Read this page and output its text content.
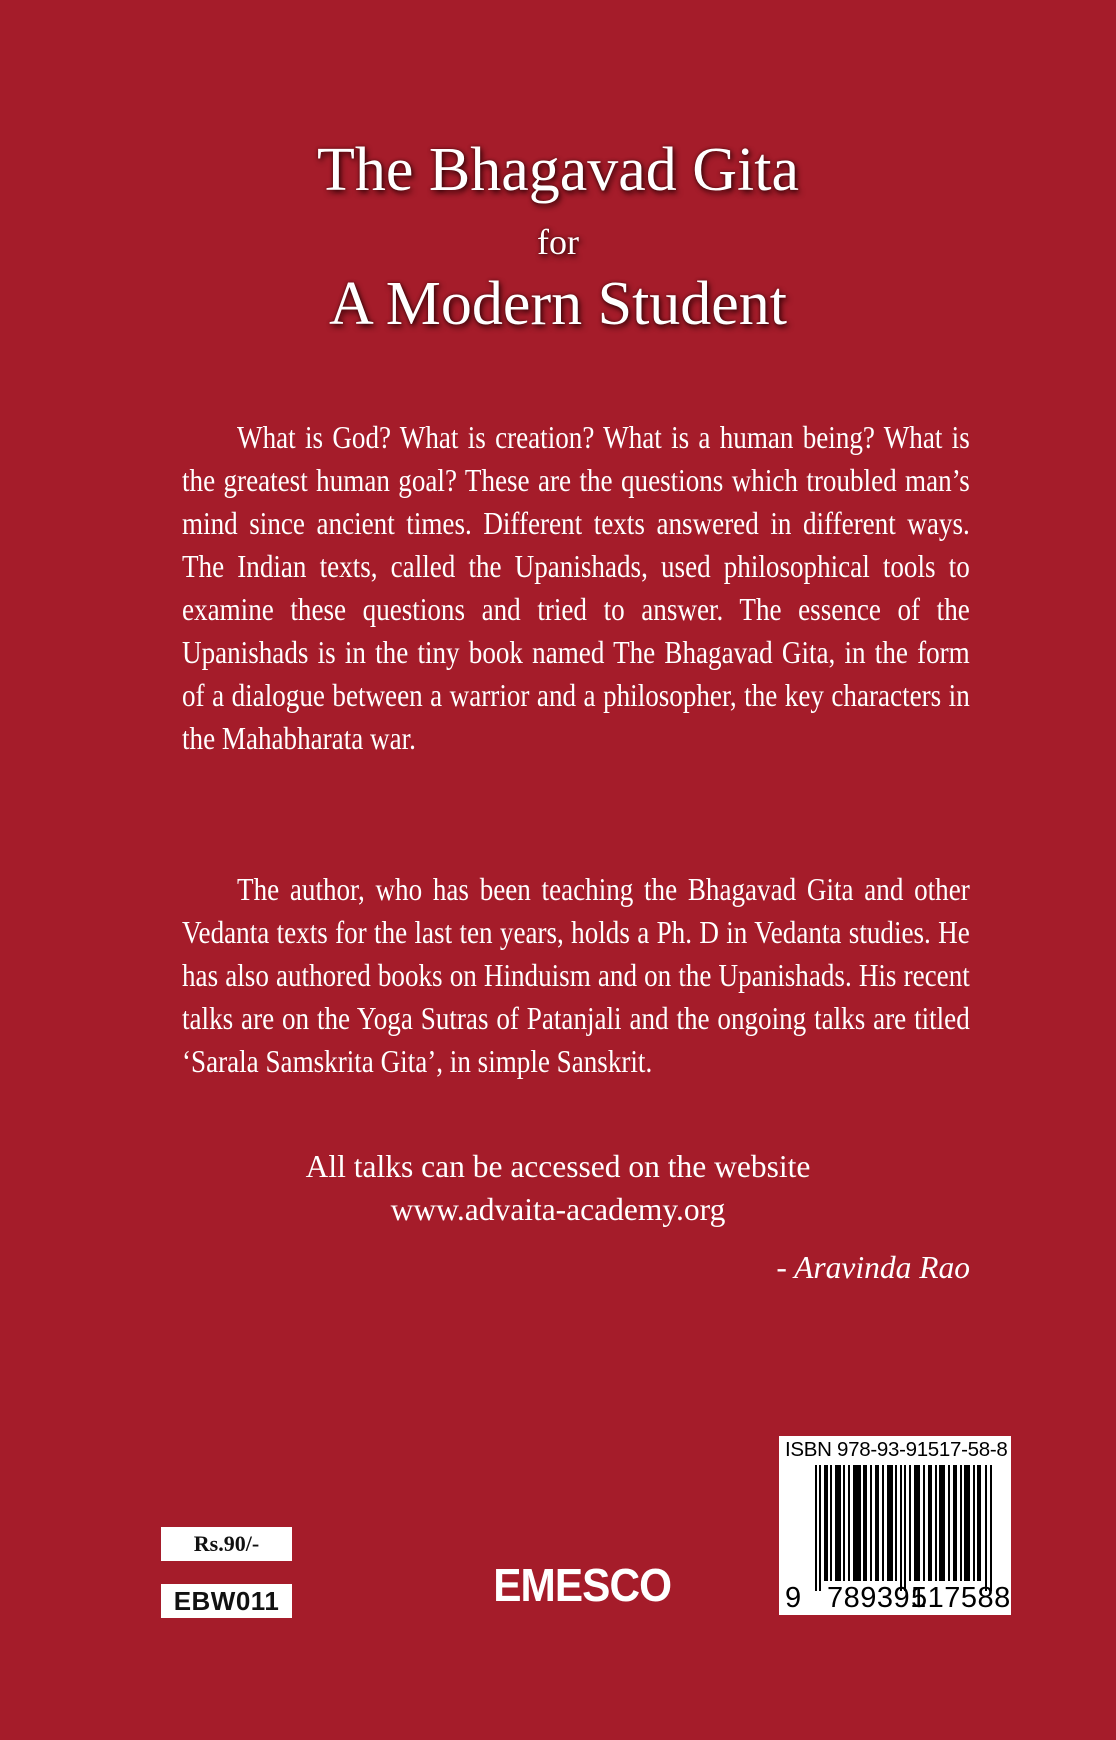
The Bhagavad Gita
for
A Modern Student

What is God? What is creation? What is a human being? What is the greatest human goal? These are the questions which troubled man’s mind since ancient times. Different texts answered in different ways. The Indian texts, called the Upanishads, used philosophical tools to examine these questions and tried to answer. The essence of the Upanishads is in the tiny book named The Bhagavad Gita, in the form of a dialogue between a warrior and a philosopher, the key characters in the Mahabharata war.

The author, who has been teaching the Bhagavad Gita and other Vedanta texts for the last ten years, holds a Ph. D in Vedanta studies. He has also authored books on Hinduism and on the Upanishads. His recent talks are on the Yoga Sutras of Patanjali and the ongoing talks are titled ‘Sarala Samskrita Gita’, in simple Sanskrit.

All talks can be accessed on the website
www.advaita-academy.org
- Aravinda Rao
Rs.90/-
EBW011	EMESCO
ISBN 978-93-91517-58-8
9 789391
517588
